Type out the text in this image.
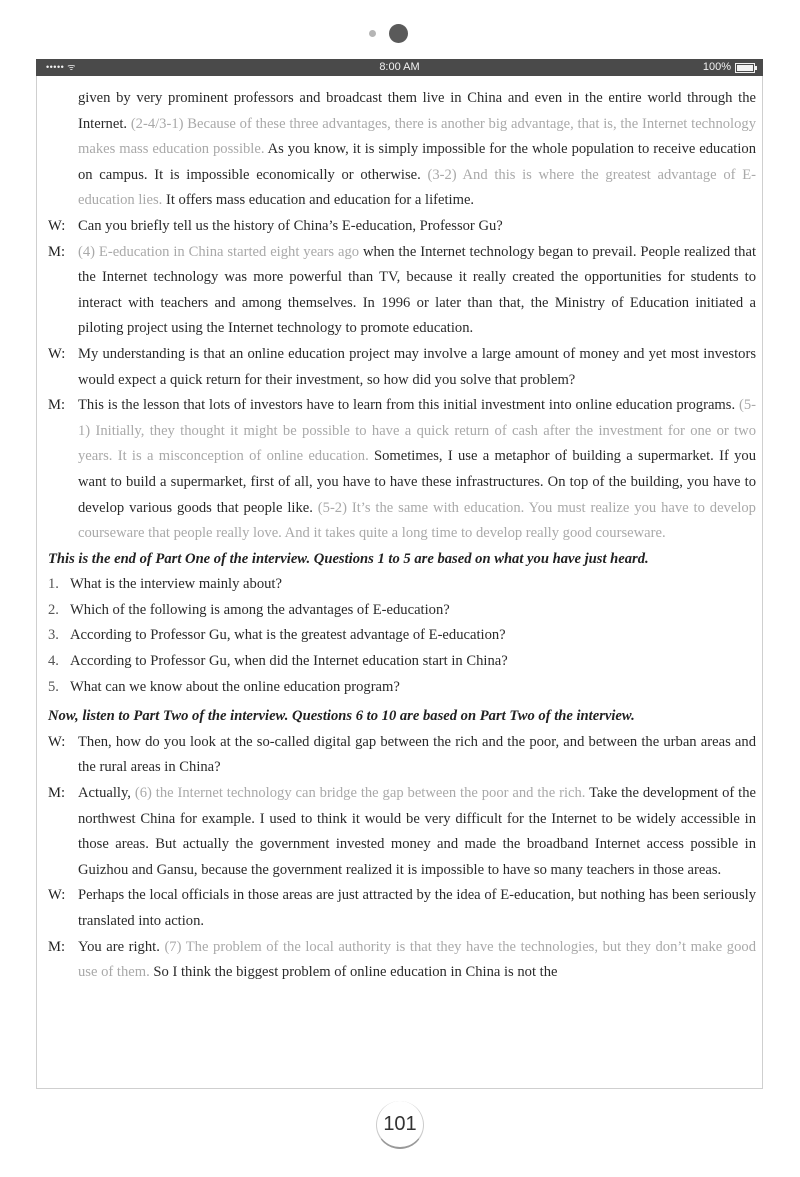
••••• ᯤ	8:00 AM	100%
given by very prominent professors and broadcast them live in China and even in the entire world through the Internet. (2-4/3-1) Because of these three advantages, there is another big advantage, that is, the Internet technology makes mass education possible. As you know, it is simply impossible for the whole population to receive education on campus. It is impossible economically or otherwise. (3-2) And this is where the greatest advantage of E-education lies. It offers mass education and education for a lifetime.
W: Can you briefly tell us the history of China’s E-education, Professor Gu?
M: (4) E-education in China started eight years ago when the Internet technology began to prevail. People realized that the Internet technology was more powerful than TV, because it really created the opportunities for students to interact with teachers and among themselves. In 1996 or later than that, the Ministry of Education initiated a piloting project using the Internet technology to promote education.
W: My understanding is that an online education project may involve a large amount of money and yet most investors would expect a quick return for their investment, so how did you solve that problem?
M: This is the lesson that lots of investors have to learn from this initial investment into online education programs. (5-1) Initially, they thought it might be possible to have a quick return of cash after the investment for one or two years. It is a misconception of online education. Sometimes, I use a metaphor of building a supermarket. If you want to build a supermarket, first of all, you have to have these infrastructures. On top of the building, you have to develop various goods that people like. (5-2) It’s the same with education. You must realize you have to develop courseware that people really love. And it takes quite a long time to develop really good courseware.
This is the end of Part One of the interview. Questions 1 to 5 are based on what you have just heard.
1. What is the interview mainly about?
2. Which of the following is among the advantages of E-education?
3. According to Professor Gu, what is the greatest advantage of E-education?
4. According to Professor Gu, when did the Internet education start in China?
5. What can we know about the online education program?
Now, listen to Part Two of the interview. Questions 6 to 10 are based on Part Two of the interview.
W: Then, how do you look at the so-called digital gap between the rich and the poor, and between the urban areas and the rural areas in China?
M: Actually, (6) the Internet technology can bridge the gap between the poor and the rich. Take the development of the northwest China for example. I used to think it would be very difficult for the Internet to be widely accessible in those areas. But actually the government invested money and made the broadband Internet access possible in Guizhou and Gansu, because the government realized it is impossible to have so many teachers in those areas.
W: Perhaps the local officials in those areas are just attracted by the idea of E-education, but nothing has been seriously translated into action.
M: You are right. (7) The problem of the local authority is that they have the technologies, but they don’t make good use of them. So I think the biggest problem of online education in China is not the
101
